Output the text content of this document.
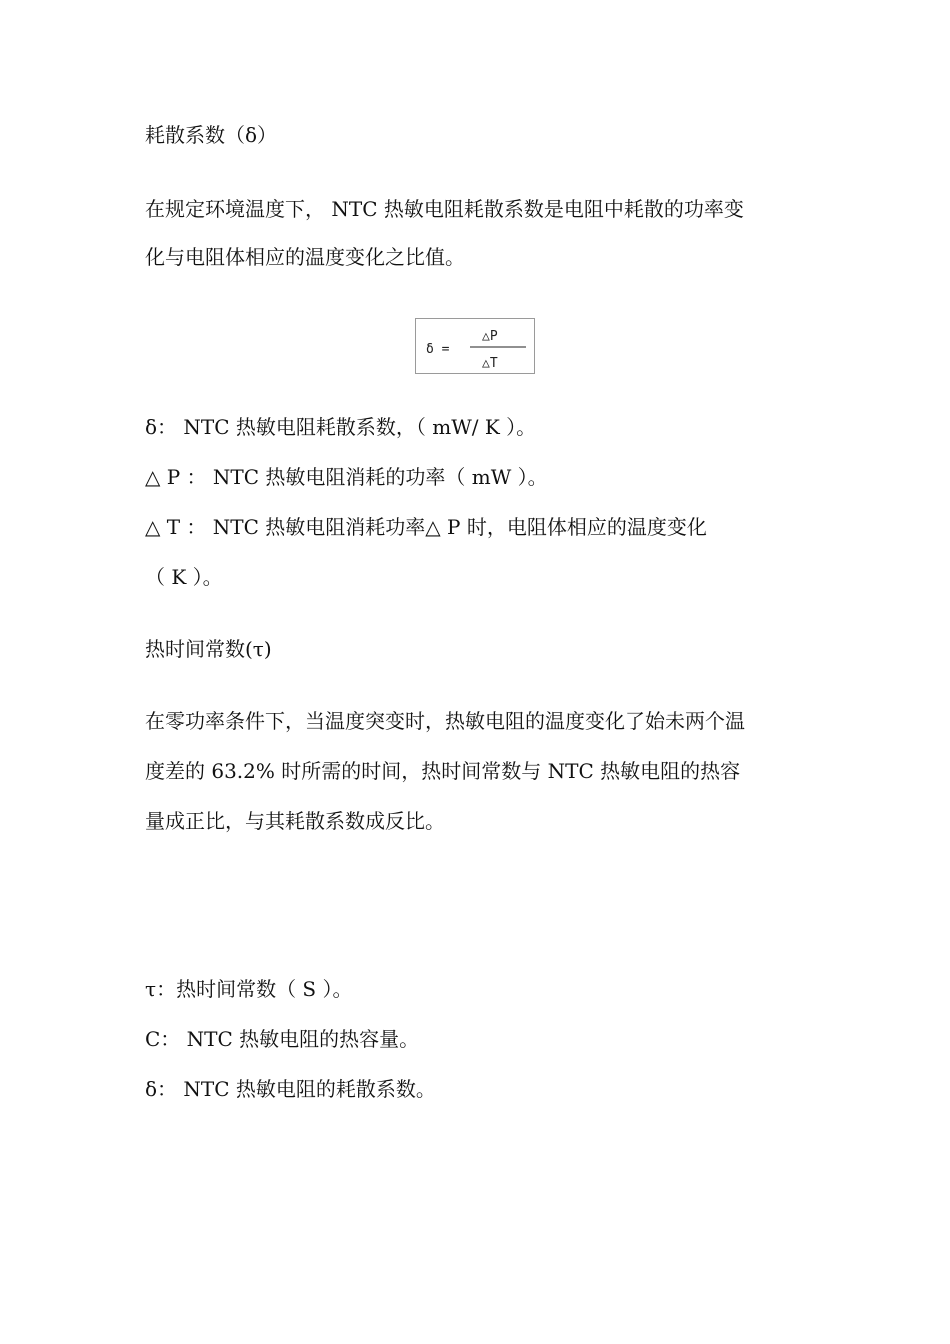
耗散系数（δ）
在规定环境温度下， NTC 热敏电阻耗散系数是电阻中耗散的功率变
化与电阻体相应的温度变化之比值。
δ =
△P
△T
δ： NTC 热敏电阻耗散系数，（ mW/ K ）。
△ P ： NTC 热敏电阻消耗的功率（ mW ）。
△ T ： NTC 热敏电阻消耗功率△ P 时，电阻体相应的温度变化
（ K ）。
热时间常数(τ)
在零功率条件下，当温度突变时，热敏电阻的温度变化了始未两个温
度差的 63.2% 时所需的时间，热时间常数与 NTC 热敏电阻的热容
量成正比，与其耗散系数成反比。
τ：热时间常数（ S ）。
C： NTC 热敏电阻的热容量。
δ： NTC 热敏电阻的耗散系数。
